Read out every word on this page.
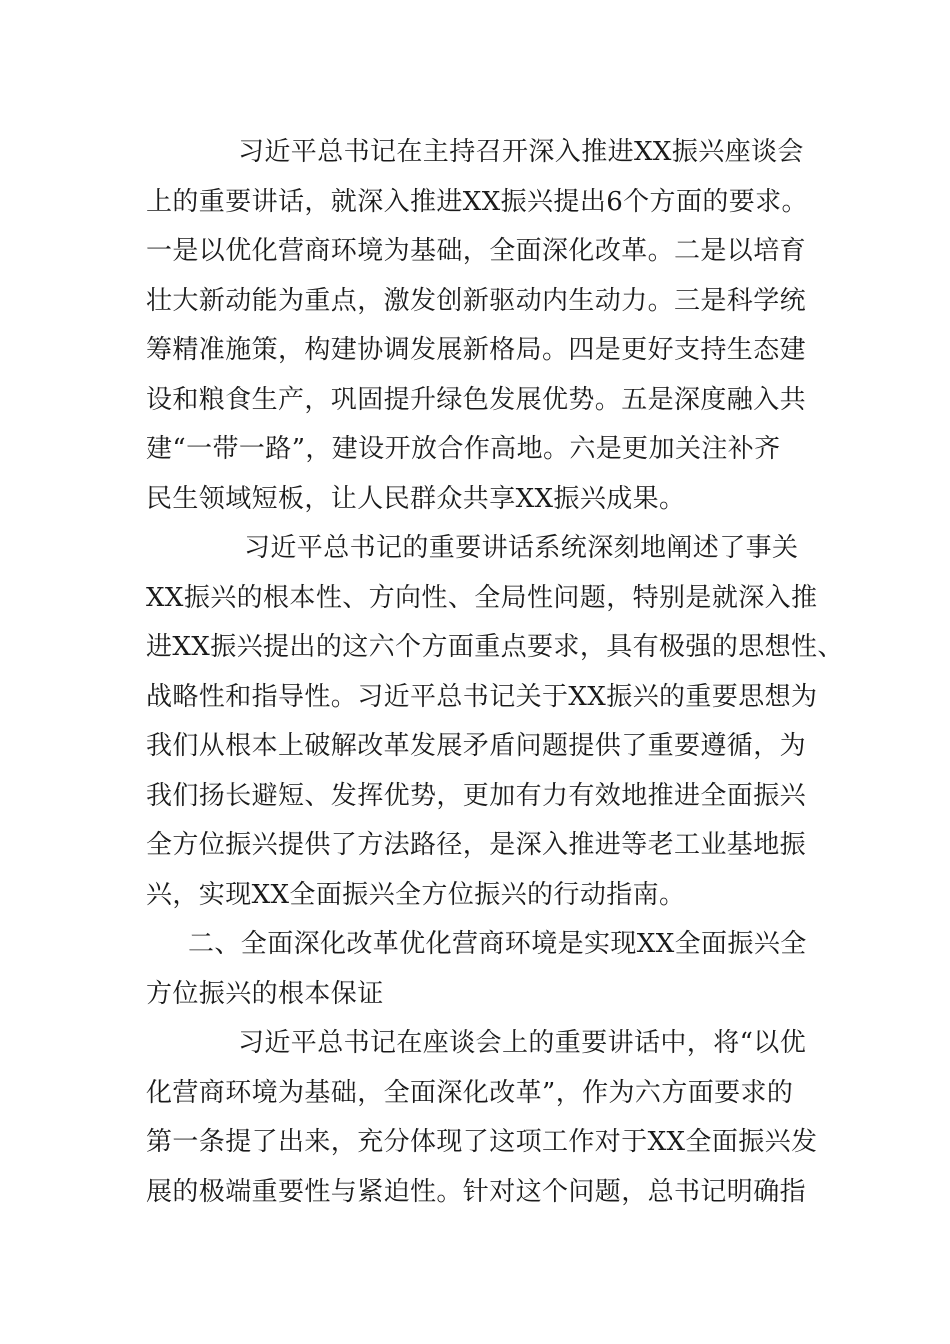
习近平总书记在主持召开深入推进XX振兴座谈会
上的重要讲话，就深入推进XX振兴提出6个方面的要求。
一是以优化营商环境为基础，全面深化改革。二是以培育
壮大新动能为重点，激发创新驱动内生动力。三是科学统
筹精准施策，构建协调发展新格局。四是更好支持生态建
设和粮食生产，巩固提升绿色发展优势。五是深度融入共
建“一带一路”，建设开放合作高地。六是更加关注补齐
民生领域短板，让人民群众共享XX振兴成果。
习近平总书记的重要讲话系统深刻地阐述了事关
XX振兴的根本性、方向性、全局性问题，特别是就深入推
进XX振兴提出的这六个方面重点要求，具有极强的思想性、
战略性和指导性。习近平总书记关于XX振兴的重要思想为
我们从根本上破解改革发展矛盾问题提供了重要遵循，为
我们扬长避短、发挥优势，更加有力有效地推进全面振兴
全方位振兴提供了方法路径，是深入推进等老工业基地振
兴，实现XX全面振兴全方位振兴的行动指南。
二、全面深化改革优化营商环境是实现XX全面振兴全
方位振兴的根本保证
习近平总书记在座谈会上的重要讲话中，将“以优
化营商环境为基础，全面深化改革”，作为六方面要求的
第一条提了出来，充分体现了这项工作对于XX全面振兴发
展的极端重要性与紧迫性。针对这个问题，总书记明确指
